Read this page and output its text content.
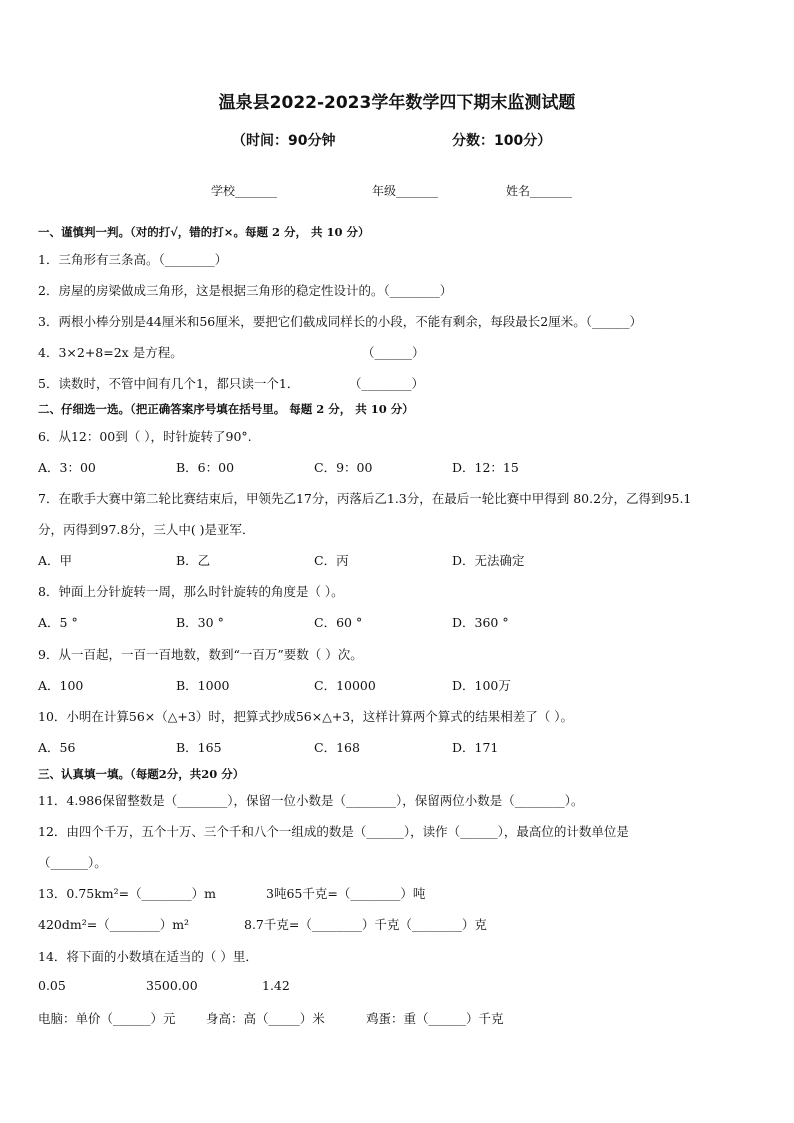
温泉县2022-2023学年数学四下期末监测试题
（时间：90分钟	分数：100分）
学校_______	年级_______	姓名_______
一、谨慎判一判。（对的打√，错的打×。每题 2 分， 共 10 分）
1．三角形有三条高。（________）
2．房屋的房梁做成三角形，这是根据三角形的稳定性设计的。（________）
3．两根小棒分别是44厘米和56厘米，要把它们截成同样长的小段，不能有剩余，每段最长2厘米。（______）
4．3×2+8=2x 是方程。	（______）
5．读数时，不管中间有几个1，都只读一个1．	（________）
二、仔细选一选。（把正确答案序号填在括号里。 每题 2 分， 共 10 分）
6．从12：00到（ ），时针旋转了90°.
A．3：00	B．6：00	C．9：00	D．12：15
7．在歌手大赛中第二轮比赛结束后，甲领先乙17分，丙落后乙1.3分，在最后一轮比赛中甲得到 80.2分，乙得到95.1
分，丙得到97.8分，三人中( )是亚军．
A．甲	B．乙	C．丙	D．无法确定
8．钟面上分针旋转一周，那么时针旋转的角度是（ ）。
A．5 °	B．30 °	C．60 °	D．360 °
9．从一百起，一百一百地数，数到“一百万”要数（ ）次。
A．100	B．1000	C．10000	D．100万
10．小明在计算56×（△+3）时，把算式抄成56×△+3，这样计算两个算式的结果相差了（ ）。
A．56	B．165	C．168	D．171
三、认真填一填。（每题2分，共20 分）
11．4.986保留整数是（________），保留一位小数是（________），保留两位小数是（________）。
12．由四个千万，五个十万、三个千和八个一组成的数是（______），读作（______），最高位的计数单位是
（______）。
13．0.75km²=（________）m	3吨65千克=（________）吨
420dm²=（________）m²	8.7千克=（________）千克（________）克
14．将下面的小数填在适当的（ ）里．
0.05	3500.00	1.42
电脑：单价（______）元 身高：高（_____）米	鸡蛋：重（______）千克
